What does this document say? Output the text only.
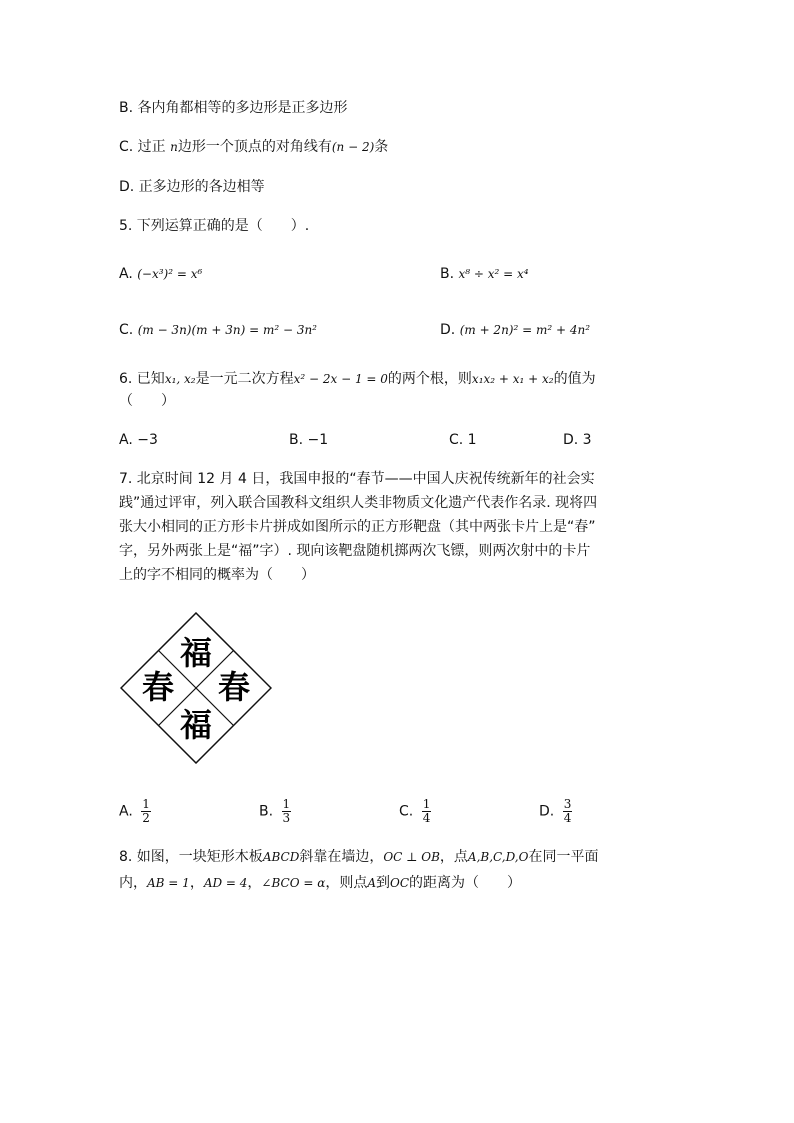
B. 各内角都相等的多边形是正多边形
C. 过正 n边形一个顶点的对角线有(n − 2)条
D. 正多边形的各边相等
5. 下列运算正确的是（　　）.
A. (−x³)² = x⁶	B. x⁸ ÷ x² = x⁴
C. (m − 3n)(m + 3n) = m² − 3n²	D. (m + 2n)² = m² + 4n²
6. 已知x₁, x₂是一元二次方程x² − 2x − 1 = 0的两个根，则x₁x₂ + x₁ + x₂的值为
（　　）
A. −3	B. −1	C. 1	D. 3
7. 北京时间 12 月 4 日，我国申报的“春节——中国人庆祝传统新年的社会实
践”通过评审，列入联合国教科文组织人类非物质文化遗产代表作名录. 现将四
张大小相同的正方形卡片拼成如图所示的正方形靶盘（其中两张卡片上是“春”
字，另外两张上是“福”字）. 现向该靶盘随机掷两次飞镖，则两次射中的卡片
上的字不相同的概率为（　　）
福
春 春
福
A. $\frac{1}{2}$	B. $\frac{1}{3}$	C. $\frac{1}{4}$	D. $\frac{3}{4}$
8. 如图，一块矩形木板ABCD斜靠在墙边，OC ⊥ OB，点A,B,C,D,O在同一平面
内，AB = 1，AD = 4，∠BCO = α，则点A到OC的距离为（　　）
